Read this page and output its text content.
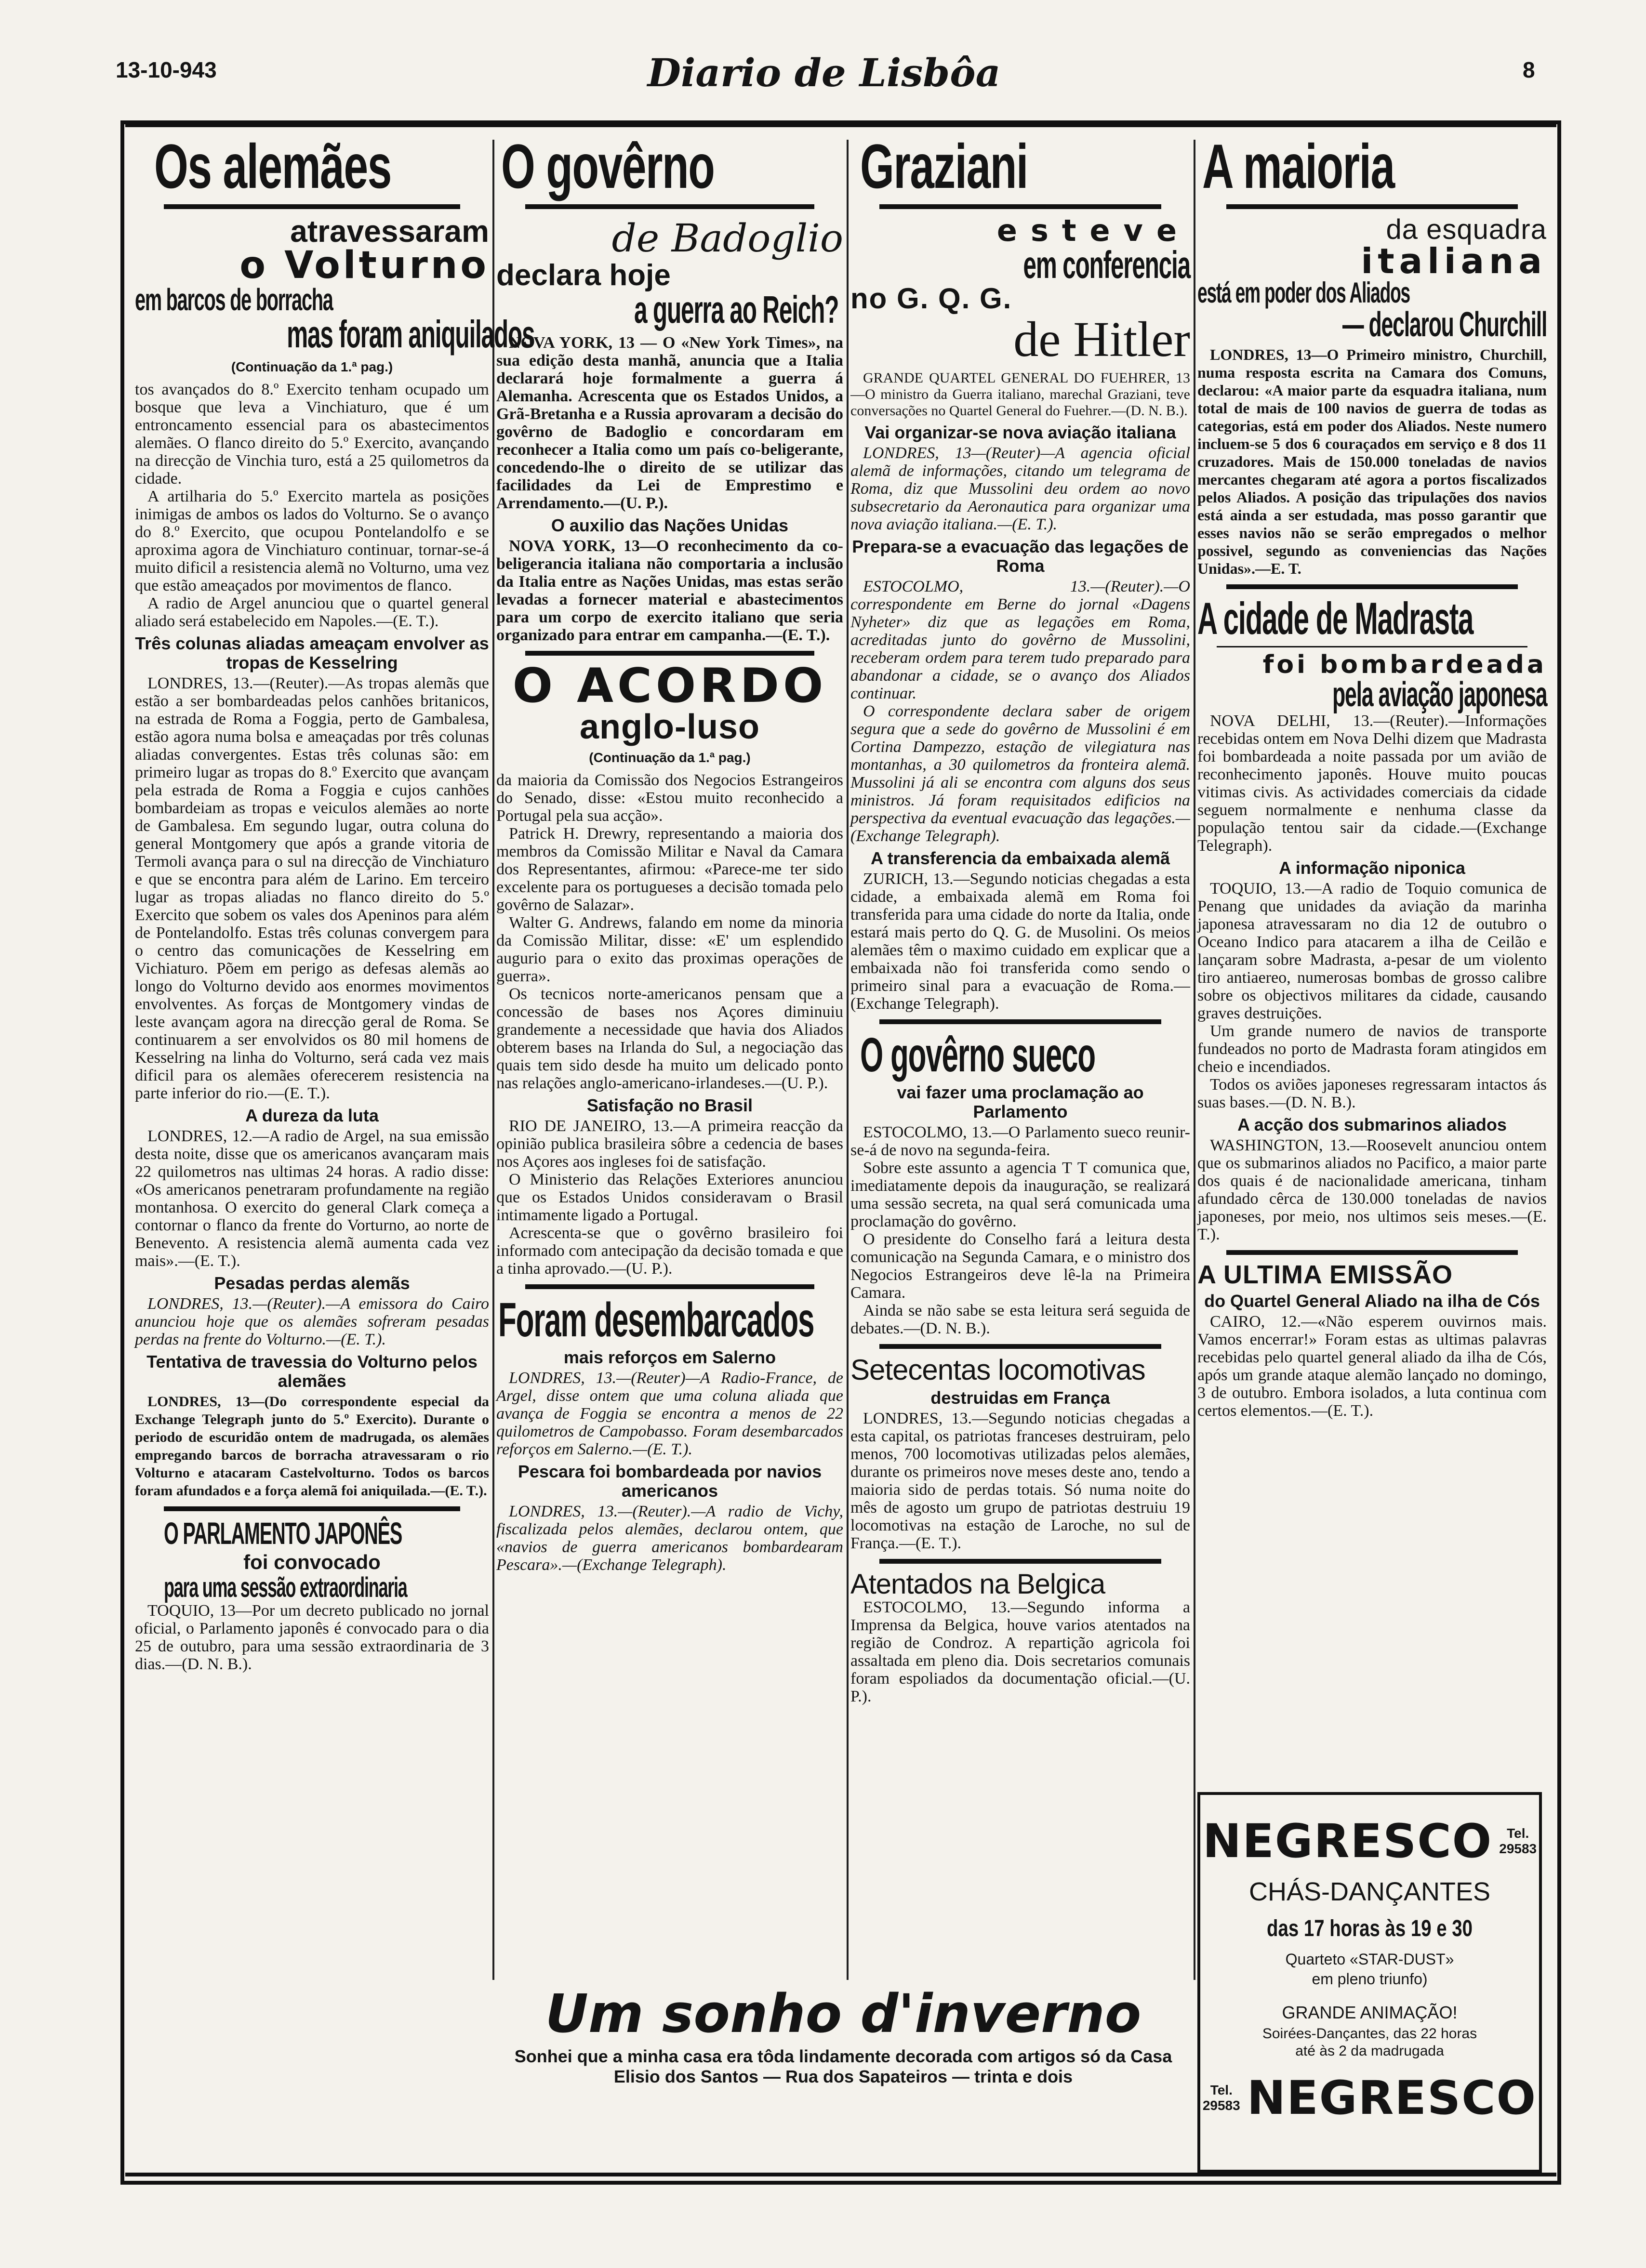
13-10-943	Diario de Lisbôa	8
Os alemães
atravessaram
o Volturno
em barcos de borracha
mas foram aniquilados
(Continuação da 1.ª pag.)

tos avançados do 8.º Exercito tenham ocupado um bosque que leva a Vinchiaturo, que é um entroncamento essencial para os abastecimentos alemães. O flanco direito do 5.º Exercito, avançando na direcção de Vinchia turo, está a 25 quilometros da cidade.

A artilharia do 5.º Exercito martela as posições inimigas de ambos os lados do Volturno. Se o avanço do 8.º Exercito, que ocupou Pontelandolfo e se aproxima agora de Vinchiaturo continuar, tornar-se-á muito dificil a resistencia alemã no Volturno, uma vez que estão ameaçados por movimentos de flanco.

A radio de Argel anunciou que o quartel general aliado será estabelecido em Napoles.—(E. T.).

Três colunas aliadas ameaçam envolver as tropas de Kesselring

LONDRES, 13.—(Reuter).—As tropas alemãs que estão a ser bombardeadas pelos canhões britanicos, na estrada de Roma a Foggia, perto de Gambalesa, estão agora numa bolsa e ameaçadas por três colunas aliadas convergentes. Estas três colunas são: em primeiro lugar as tropas do 8.º Exercito que avançam pela estrada de Roma a Foggia e cujos canhões bombardeiam as tropas e veiculos alemães ao norte de Gambalesa. Em segundo lugar, outra coluna do general Montgomery que após a grande vitoria de Termoli avança para o sul na direcção de Vinchiaturo e que se encontra para além de Larino. Em terceiro lugar as tropas aliadas no flanco direito do 5.º Exercito que sobem os vales dos Apeninos para além de Pontelandolfo. Estas três colunas convergem para o centro das comunicações de Kesselring em Vichiaturo. Põem em perigo as defesas alemãs ao longo do Volturno devido aos enormes movimentos envolventes. As forças de Montgomery vindas de leste avançam agora na direcção geral de Roma. Se continuarem a ser envolvidos os 80 mil homens de Kesselring na linha do Volturno, será cada vez mais dificil para os alemães oferecerem resistencia na parte inferior do rio.—(E. T.).

A dureza da luta

LONDRES, 12.—A radio de Argel, na sua emissão desta noite, disse que os americanos avançaram mais 22 quilometros nas ultimas 24 horas. A radio disse: «Os americanos penetraram profundamente na região montanhosa. O exercito do general Clark começa a contornar o flanco da frente do Vorturno, ao norte de Benevento. A resistencia alemã aumenta cada vez mais».—(E. T.).

Pesadas perdas alemãs

LONDRES, 13.—(Reuter).—A emissora do Cairo anunciou hoje que os alemães sofreram pesadas perdas na frente do Volturno.—(E. T.).

Tentativa de travessia do Volturno pelos alemães

LONDRES, 13—(Do correspondente especial da Exchange Telegraph junto do 5.º Exercito). Durante o periodo de escuridão ontem de madrugada, os alemães empregando barcos de borracha atravessaram o rio Volturno e atacaram Castelvolturno. Todos os barcos foram afundados e a força alemã foi aniquilada.—(E. T.).

O PARLAMENTO JAPONÊS
foi convocado
para uma sessão extraordinaria

TOQUIO, 13—Por um decreto publicado no jornal oficial, o Parlamento japonês é convocado para o dia 25 de outubro, para uma sessão extraordinaria de 3 dias.—(D. N. B.).

O govêrno
de Badoglio
declara hoje
a guerra ao Reich?

NOVA YORK, 13 — O «New York Times», na sua edição desta manhã, anuncia que a Italia declarará hoje formalmente a guerra á Alemanha. Acrescenta que os Estados Unidos, a Grã-Bretanha e a Russia aprovaram a decisão do govêrno de Badoglio e concordaram em reconhecer a Italia como um país co-beligerante, concedendo-lhe o direito de se utilizar das facilidades da Lei de Emprestimo e Arrendamento.—(U. P.).

O auxilio das Nações Unidas

NOVA YORK, 13—O reconhecimento da co-beligerancia italiana não comportaria a inclusão da Italia entre as Nações Unidas, mas estas serão levadas a fornecer material e abastecimentos para um corpo de exercito italiano que seria organizado para entrar em campanha.—(E. T.).

O ACORDO
anglo-luso
(Continuação da 1.ª pag.)

da maioria da Comissão dos Negocios Estrangeiros do Senado, disse: «Estou muito reconhecido a Portugal pela sua acção».

Patrick H. Drewry, representando a maioria dos membros da Comissão Militar e Naval da Camara dos Representantes, afirmou: «Parece-me ter sido excelente para os portugueses a decisão tomada pelo govêrno de Salazar».

Walter G. Andrews, falando em nome da minoria da Comissão Militar, disse: «E' um esplendido augurio para o exito das proximas operações de guerra».

Os tecnicos norte-americanos pensam que a concessão de bases nos Açores diminuiu grandemente a necessidade que havia dos Aliados obterem bases na Irlanda do Sul, a negociação das quais tem sido desde ha muito um delicado ponto nas relações anglo-americano-irlandeses.—(U. P.).

Satisfação no Brasil

RIO DE JANEIRO, 13.—A primeira reacção da opinião publica brasileira sôbre a cedencia de bases nos Açores aos ingleses foi de satisfação.

O Ministerio das Relações Exteriores anunciou que os Estados Unidos consideravam o Brasil intimamente ligado a Portugal.

Acrescenta-se que o govêrno brasileiro foi informado com antecipação da decisão tomada e que a tinha aprovado.—(U. P.).

Foram desembarcados
mais reforços em Salerno

LONDRES, 13.—(Reuter)—A Radio-France, de Argel, disse ontem que uma coluna aliada que avança de Foggia se encontra a menos de 22 quilometros de Campobasso. Foram desembarcados reforços em Salerno.—(E. T.).

Pescara foi bombardeada por navios americanos

LONDRES, 13.—(Reuter).—A radio de Vichy, fiscalizada pelos alemães, declarou ontem, que «navios de guerra americanos bombardearam Pescara».—(Exchange Telegraph).

Graziani
esteve
em conferencia
no G. Q. G.
de Hitler

GRANDE QUARTEL GENERAL DO FUEHRER, 13—O ministro da Guerra italiano, marechal Graziani, teve conversações no Quartel General do Fuehrer.—(D. N. B.).

Vai organizar-se nova aviação italiana

LONDRES, 13—(Reuter)—A agencia oficial alemã de informações, citando um telegrama de Roma, diz que Mussolini deu ordem ao novo subsecretario da Aeronautica para organizar uma nova aviação italiana.—(E. T.).

Prepara-se a evacuação das legações de Roma

ESTOCOLMO, 13.—(Reuter).—O correspondente em Berne do jornal «Dagens Nyheter» diz que as legações em Roma, acreditadas junto do govêrno de Mussolini, receberam ordem para terem tudo preparado para abandonar a cidade, se o avanço dos Aliados continuar.

O correspondente declara saber de origem segura que a sede do govêrno de Mussolini é em Cortina Dampezzo, estação de vilegiatura nas montanhas, a 30 quilometros da fronteira alemã. Mussolini já ali se encontra com alguns dos seus ministros. Já foram requisitados edificios na perspectiva da eventual evacuação das legações.—(Exchange Telegraph).

A transferencia da embaixada alemã

ZURICH, 13.—Segundo noticias chegadas a esta cidade, a embaixada alemã em Roma foi transferida para uma cidade do norte da Italia, onde estará mais perto do Q. G. de Musolini. Os meios alemães têm o maximo cuidado em explicar que a embaixada não foi transferida como sendo o primeiro sinal para a evacuação de Roma.—(Exchange Telegraph).

O govêrno sueco
vai fazer uma proclamação ao Parlamento

ESTOCOLMO, 13.—O Parlamento sueco reunir-se-á de novo na segunda-feira.

Sobre este assunto a agencia T T comunica que, imediatamente depois da inauguração, se realizará uma sessão secreta, na qual será comunicada uma proclamação do govêrno.

O presidente do Conselho fará a leitura desta comunicação na Segunda Camara, e o ministro dos Negocios Estrangeiros deve lê-la na Primeira Camara.

Ainda se não sabe se esta leitura será seguida de debates.—(D. N. B.).

Setecentas locomotivas
destruidas em França

LONDRES, 13.—Segundo noticias chegadas a esta capital, os patriotas franceses destruiram, pelo menos, 700 locomotivas utilizadas pelos alemães, durante os primeiros nove meses deste ano, tendo a maioria sido de perdas totais. Só numa noite do mês de agosto um grupo de patriotas destruiu 19 locomotivas na estação de Laroche, no sul de França.—(E. T.).

Atentados na Belgica

ESTOCOLMO, 13.—Segundo informa a Imprensa da Belgica, houve varios atentados na região de Condroz. A repartição agricola foi assaltada em pleno dia. Dois secretarios comunais foram espoliados da documentação oficial.—(U. P.).

A maioria
da esquadra
italiana
está em poder dos Aliados
— declarou Churchill

LONDRES, 13—O Primeiro ministro, Churchill, numa resposta escrita na Camara dos Comuns, declarou: «A maior parte da esquadra italiana, num total de mais de 100 navios de guerra de todas as categorias, está em poder dos Aliados. Neste numero incluem-se 5 dos 6 couraçados em serviço e 8 dos 11 cruzadores. Mais de 150.000 toneladas de navios mercantes chegaram até agora a portos fiscalizados pelos Aliados. A posição das tripulações dos navios está ainda a ser estudada, mas posso garantir que esses navios não se serão empregados o melhor possivel, segundo as conveniencias das Nações Unidas».—E. T.

A cidade de Madrasta
foi bombardeada
pela aviação japonesa

NOVA DELHI, 13.—(Reuter).—Informações recebidas ontem em Nova Delhi dizem que Madrasta foi bombardeada a noite passada por um avião de reconhecimento japonês. Houve muito poucas vitimas civis. As actividades comerciais da cidade seguem normalmente e nenhuma classe da população tentou sair da cidade.—(Exchange Telegraph).

A informação niponica

TOQUIO, 13.—A radio de Toquio comunica de Penang que unidades da aviação da marinha japonesa atravessaram no dia 12 de outubro o Oceano Indico para atacarem a ilha de Ceilão e lançaram sobre Madrasta, a-pesar de um violento tiro antiaereo, numerosas bombas de grosso calibre sobre os objectivos militares da cidade, causando graves destruições.

Um grande numero de navios de transporte fundeados no porto de Madrasta foram atingidos em cheio e incendiados.

Todos os aviões japoneses regressaram intactos ás suas bases.—(D. N. B.).

A acção dos submarinos aliados

WASHINGTON, 13.—Roosevelt anunciou ontem que os submarinos aliados no Pacifico, a maior parte dos quais é de nacionalidade americana, tinham afundado cêrca de 130.000 toneladas de navios japoneses, por meio, nos ultimos seis meses.—(E. T.).

A ULTIMA EMISSÃO
do Quartel General Aliado na ilha de Cós

CAIRO, 12.—«Não esperem ouvirnos mais. Vamos encerrar!» Foram estas as ultimas palavras recebidas pelo quartel general aliado da ilha de Cós, após um grande ataque alemão lançado no domingo, 3 de outubro. Embora isolados, a luta continua com certos elementos.—(E. T.).

NEGRESCO	Tel.
29583
CHÁS-DANÇANTES
das 17 horas às 19 e 30
Quarteto «STAR-DUST»
em pleno triunfo)
GRANDE ANIMAÇÃO!
Soirées-Dançantes, das 22 horas
até às 2 da madrugada
Tel.
29583 NEGRESCO
Um sonho d'inverno
Sonhei que a minha casa era tôda lindamente decorada com artigos só da Casa Elisio dos Santos — Rua dos Sapateiros — trinta e dois
